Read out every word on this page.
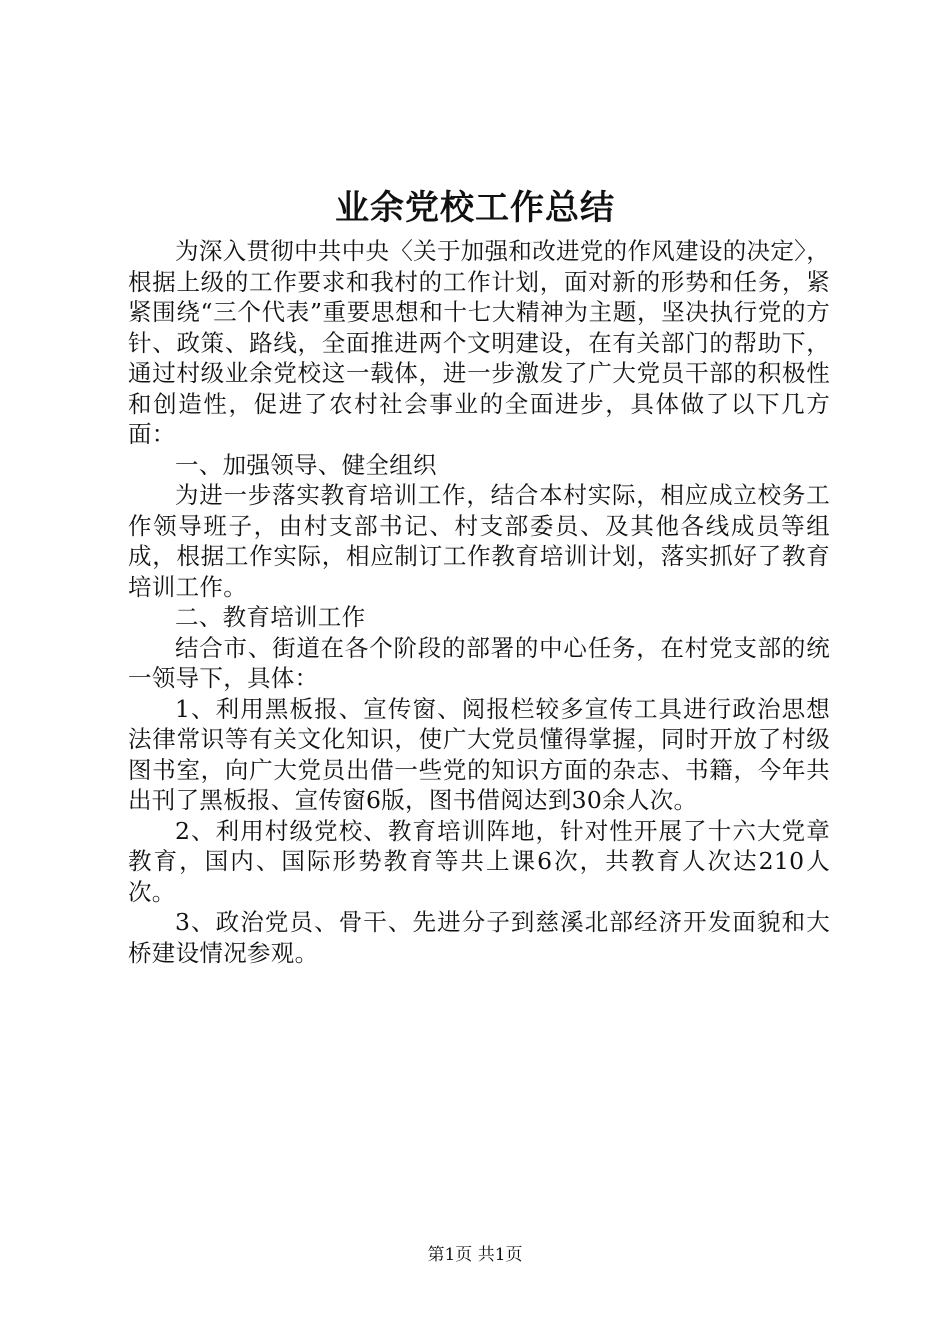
业余党校工作总结

为深入贯彻中共中央〈关于加强和改进党的作风建设的决定〉，根据上级的工作要求和我村的工作计划，面对新的形势和任务，紧紧围绕“三个代表”重要思想和十七大精神为主题，坚决执行党的方针、政策、路线，全面推进两个文明建设，在有关部门的帮助下，通过村级业余党校这一载体，进一步激发了广大党员干部的积极性和创造性，促进了农村社会事业的全面进步，具体做了以下几方面：

一、加强领导、健全组织

为进一步落实教育培训工作，结合本村实际，相应成立校务工作领导班子，由村支部书记、村支部委员、及其他各线成员等组成，根据工作实际，相应制订工作教育培训计划，落实抓好了教育培训工作。

二、教育培训工作

结合市、街道在各个阶段的部署的中心任务，在村党支部的统一领导下，具体：

1、利用黑板报、宣传窗、阅报栏较多宣传工具进行政治思想法律常识等有关文化知识，使广大党员懂得掌握，同时开放了村级图书室，向广大党员出借一些党的知识方面的杂志、书籍，今年共出刊了黑板报、宣传窗6版，图书借阅达到30余人次。

2、利用村级党校、教育培训阵地，针对性开展了十六大党章教育，国内、国际形势教育等共上课6次，共教育人次达210人次。

3、政治党员、骨干、先进分子到慈溪北部经济开发面貌和大桥建设情况参观。

第1页 共1页
